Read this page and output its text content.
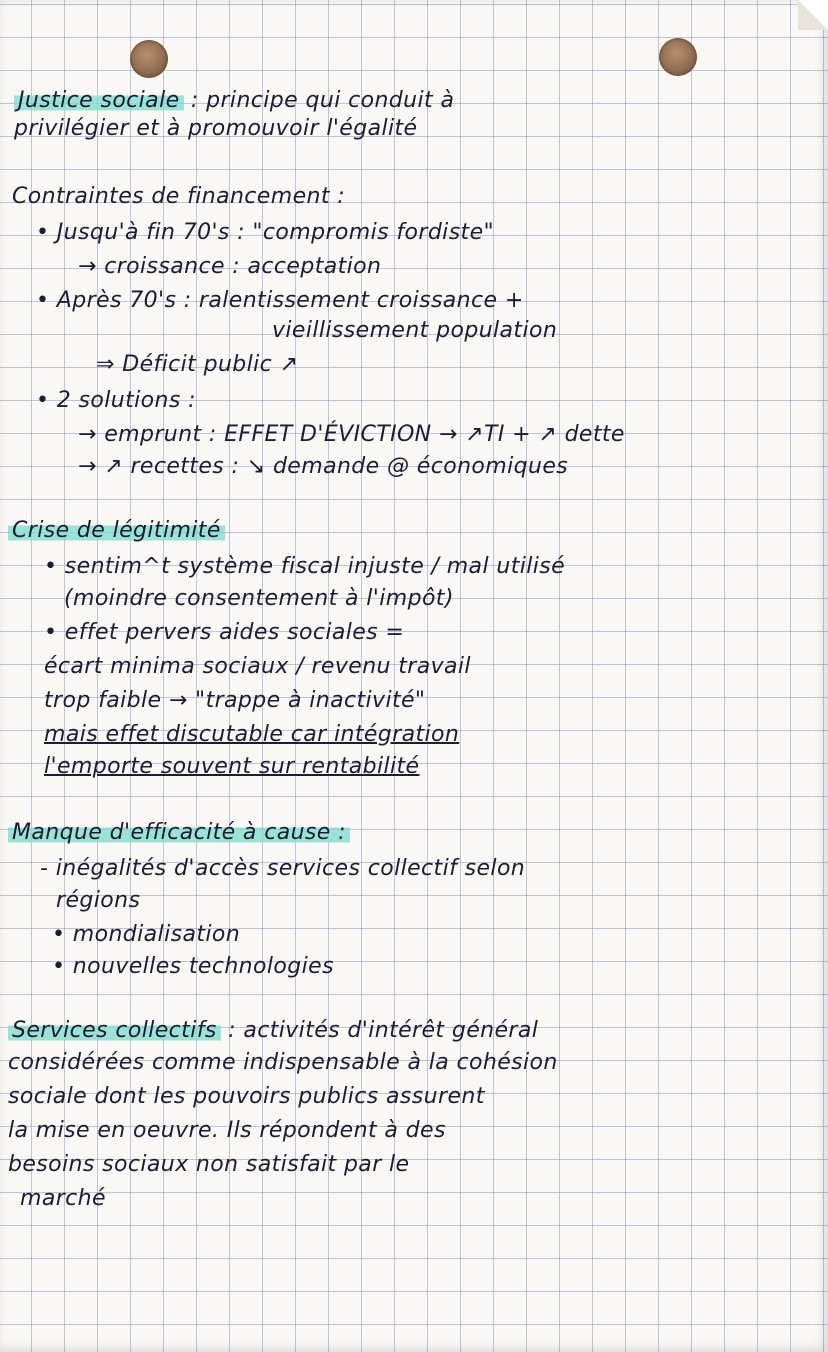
Justice sociale : principe qui conduit à
privilégier et à promouvoir l'égalité
Contraintes de financement :
• Jusqu'à fin 70's : "compromis fordiste"
→ croissance : acceptation
• Après 70's : ralentissement croissance +
vieillissement population
⇒ Déficit public ↗
• 2 solutions :
→ emprunt : EFFET D'ÉVICTION → ↗TI + ↗ dette
→ ↗ recettes : ↘ demande @ économiques
Crise de légitimité
• sentim^t système fiscal injuste / mal utilisé
(moindre consentement à l'impôt)
• effet pervers aides sociales =
écart minima sociaux / revenu travail
trop faible → "trappe à inactivité"
mais effet discutable car intégration
l'emporte souvent sur rentabilité
Manque d'efficacité à cause :
- inégalités d'accès services collectif selon
régions
• mondialisation
• nouvelles technologies
Services collectifs : activités d'intérêt général
considérées comme indispensable à la cohésion
sociale dont les pouvoirs publics assurent
la mise en oeuvre. Ils répondent à des
besoins sociaux non satisfait par le
marché
